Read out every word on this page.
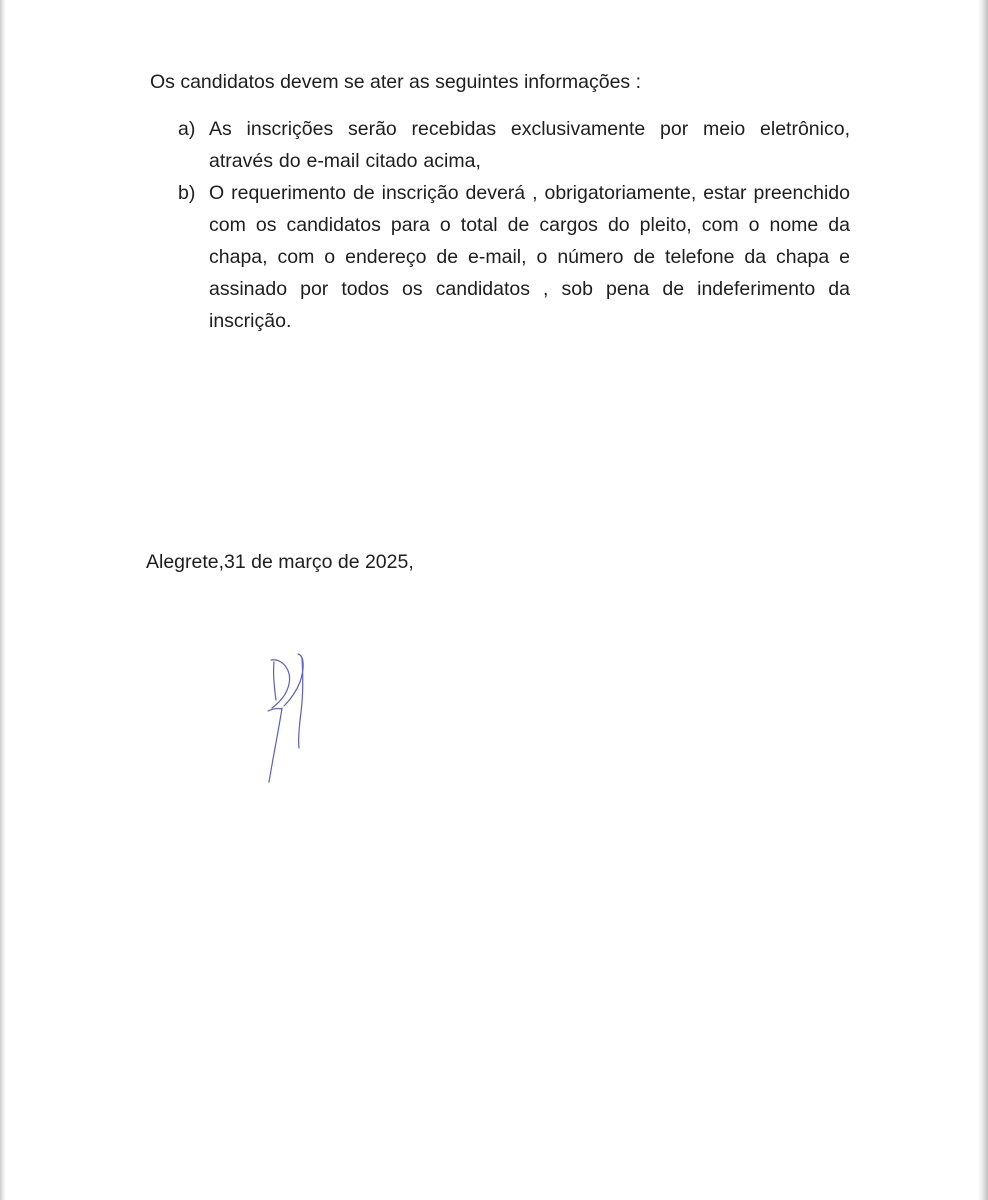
Os candidatos devem se ater as seguintes informações :
a) As inscrições serão recebidas exclusivamente por meio eletrônico, através do e-mail citado acima,
b) O requerimento de inscrição deverá , obrigatoriamente, estar preenchido com os candidatos para o total de cargos do pleito, com o nome da chapa, com o endereço de e-mail, o número de telefone da chapa e assinado por todos os candidatos , sob pena de indeferimento da inscrição.
Alegrete,31 de março de 2025,
